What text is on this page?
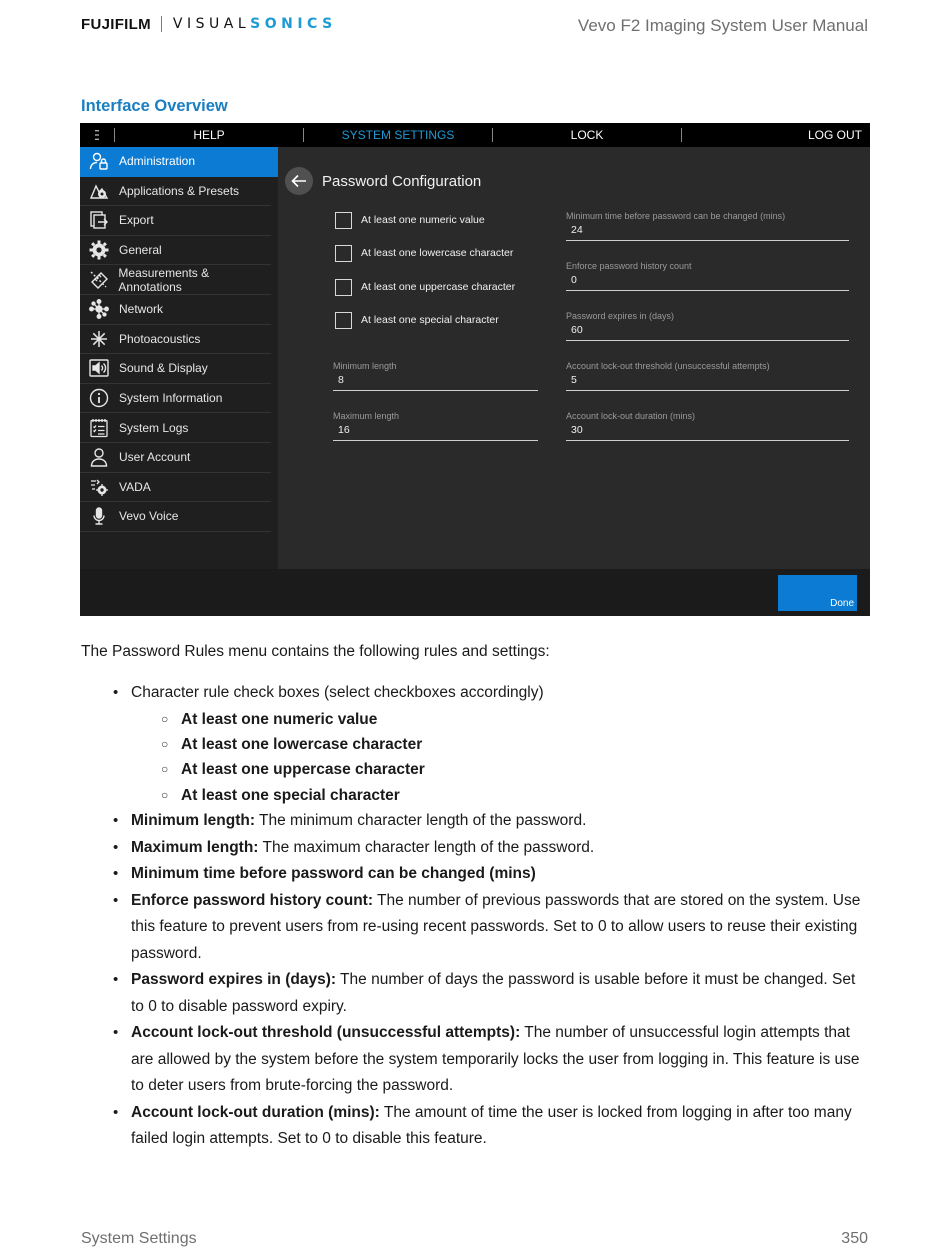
FUJIFILM VISUAL SONICS	Vevo F2 Imaging System User Manual
Interface Overview
HELP	SYSTEM SETTINGS	LOCK	LOG OUT
Administration
Applications & Presets
Export
General
Measurements & Annotations
Network
Photoacoustics
Sound & Display
System Information
System Logs
User Account
VADA
Vevo Voice
Password Configuration
At least one numeric value
At least one lowercase character
At least one uppercase character
At least one special character
Minimum length
8
Maximum length
16
Minimum time before password can be changed (mins)
24
Enforce password history count
0
Password expires in (days)
60
Account lock-out threshold (unsuccessful attempts)
5
Account lock-out duration (mins)
30
Done
The Password Rules menu contains the following rules and settings:
• Character rule check boxes (select checkboxes accordingly)
○ At least one numeric value
○ At least one lowercase character
○ At least one uppercase character
○ At least one special character
• Minimum length: The minimum character length of the password.
• Maximum length: The maximum character length of the password.
• Minimum time before password can be changed (mins)
• Enforce password history count: The number of previous passwords that are stored on the system. Use this feature to prevent users from re-using recent passwords. Set to 0 to allow users to reuse their existing password.
• Password expires in (days): The number of days the password is usable before it must be changed. Set to 0 to disable password expiry.
• Account lock-out threshold (unsuccessful attempts): The number of unsuccessful login attempts that are allowed by the system before the system temporarily locks the user from logging in. This feature is use to deter users from brute-forcing the password.
• Account lock-out duration (mins): The amount of time the user is locked from logging in after too many failed login attempts. Set to 0 to disable this feature.
System Settings	350
